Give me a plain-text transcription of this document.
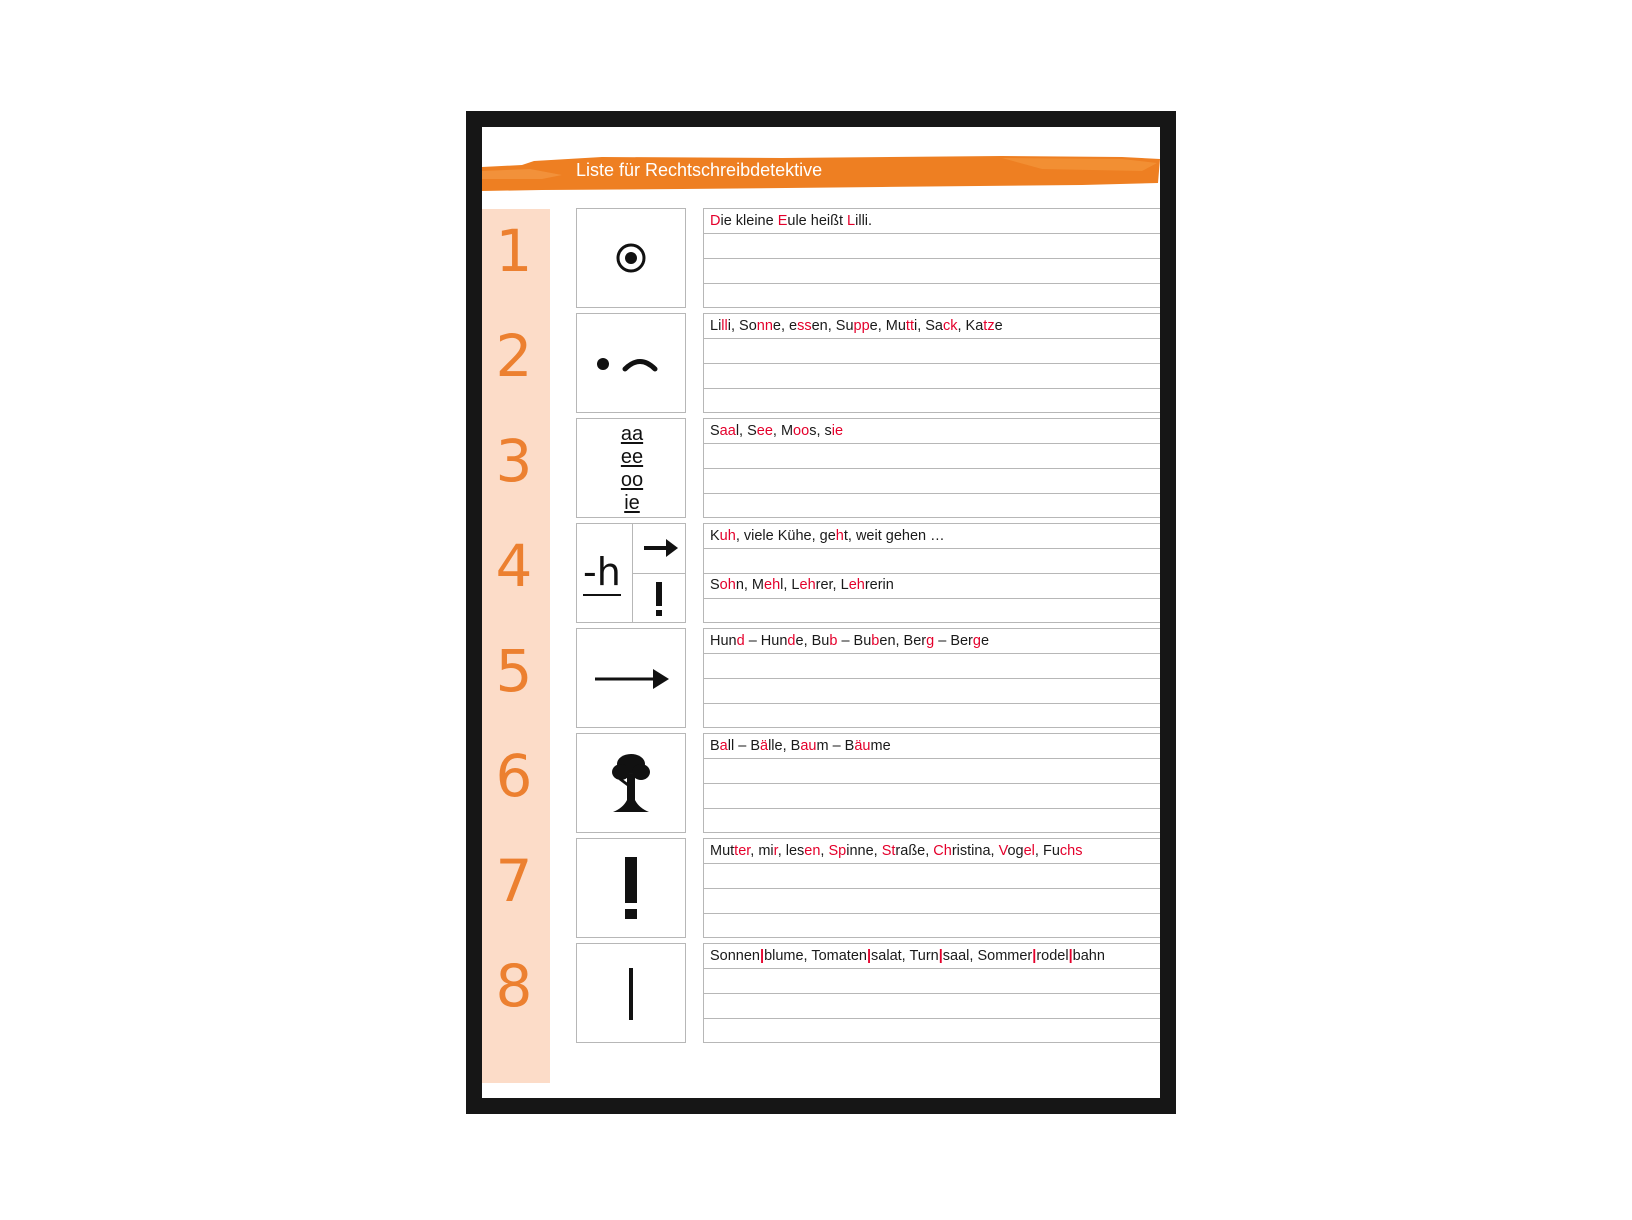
Liste für Rechtschreibdetektive
1
2
3
4
5
6
7
8
aa
ee
oo
ie
-h
Die kleine Eule heißt Lilli.
Lilli, Sonne, essen, Suppe, Mutti, Sack, Katze
Saal, See, Moos, sie
Kuh, viele Kühe, geht, weit gehen …
Sohn, Mehl, Lehrer, Lehrerin
Hund – Hunde, Bub – Buben, Berg – Berge
Ball – Bälle, Baum – Bäume
Mutter, mir, lesen, Spinne, Straße, Christina, Vogel, Fuchs
Sonnen|blume, Tomaten|salat, Turn|saal, Sommer|rodel|bahn
